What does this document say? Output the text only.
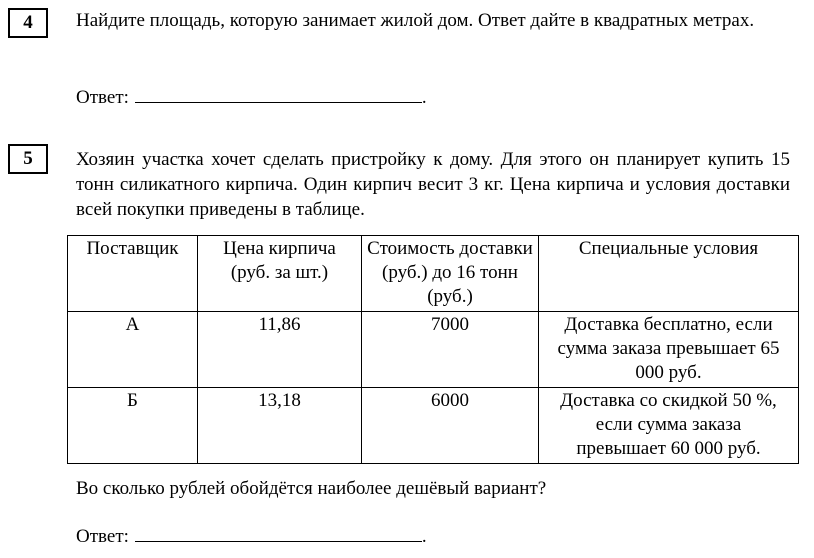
4 Найдите площадь, которую занимает жилой дом. Ответ дайте в квадратных метрах.

Ответ:	.
5 Хозяин участка хочет сделать пристройку к дому. Для этого он планирует купить 15 тонн силикатного кирпича. Один кирпич весит 3 кг. Цена кирпича и условия доставки всей покупки приведены в таблице.

Поставщик	Цена кирпича (руб. за шт.)	Стоимость доставки (руб.) до 16 тонн (руб.)	Специальные условия
А	11,86	7000	Доставка бесплатно, если сумма заказа превышает 65 000 руб.
Б	13,18	6000	Доставка со скидкой 50 %, если сумма заказа превышает 60 000 руб.

Во сколько рублей обойдётся наиболее дешёвый вариант?

Ответ:	.
